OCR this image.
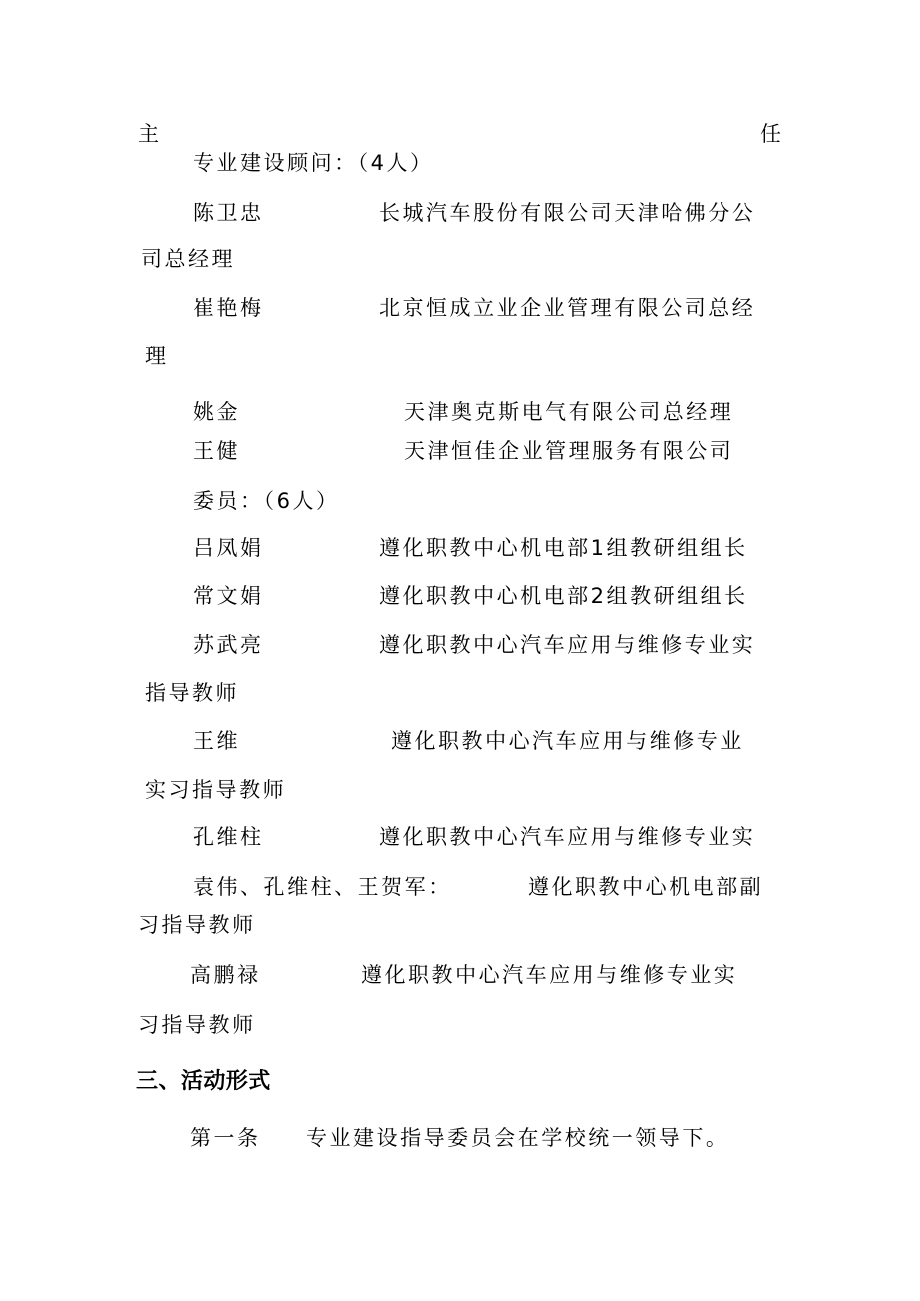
主	任
专业建设顾问：（4人）
陈卫忠	长城汽车股份有限公司天津哈佛分公
司总经理
崔艳梅	北京恒成立业企业管理有限公司总经
理
姚金	天津奥克斯电气有限公司总经理
王健	天津恒佳企业管理服务有限公司
委员：（6人）
吕凤娟	遵化职教中心机电部1组教研组组长
常文娟	遵化职教中心机电部2组教研组组长
苏武亮	遵化职教中心汽车应用与维修专业实
指导教师
王维	遵化职教中心汽车应用与维修专业
实习指导教师
孔维柱	遵化职教中心汽车应用与维修专业实
袁伟、孔维柱、王贺军：	遵化职教中心机电部副
习指导教师
高鹏禄	遵化职教中心汽车应用与维修专业实
习指导教师
三、活动形式
第一条 专业建设指导委员会在学校统一领导下。
